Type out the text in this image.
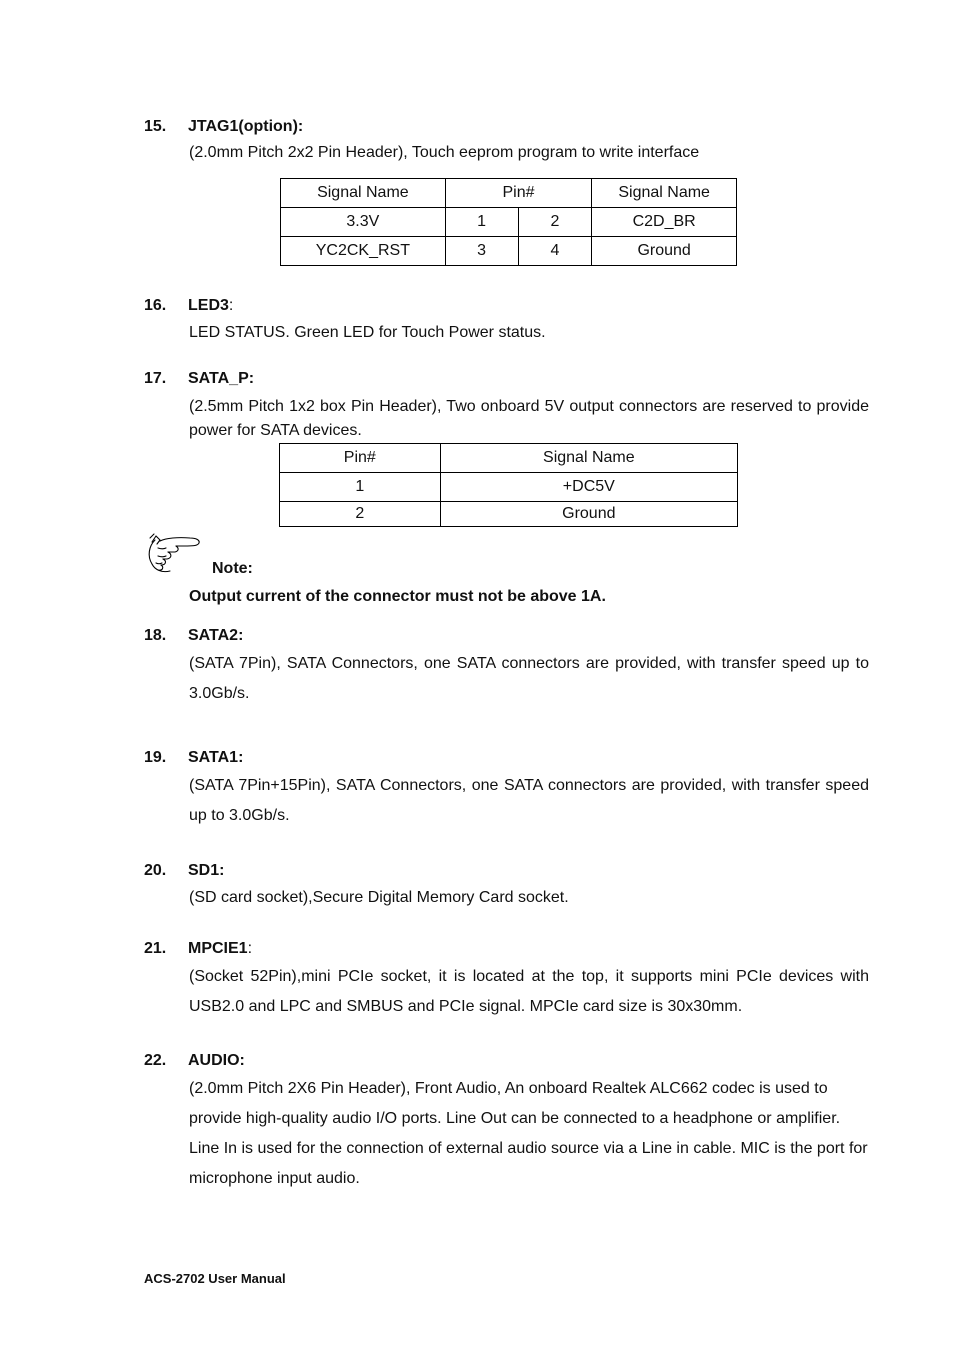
15. JTAG1(option):
(2.0mm Pitch 2x2 Pin Header), Touch eeprom program to write interface
Signal Name	Pin#		Signal Name
3.3V	1	2	C2D_BR
YC2CK_RST	3	4	Ground
16. LED3:
LED STATUS. Green LED for Touch Power status.
17. SATA_P:
(2.5mm Pitch 1x2 box Pin Header), Two onboard 5V output connectors are reserved to provide power for SATA devices.
Pin#	Signal Name
1	+DC5V
2	Ground
Note:
Output current of the connector must not be above 1A.
18. SATA2:
(SATA 7Pin), SATA Connectors, one SATA connectors are provided, with transfer speed up to 3.0Gb/s.
19. SATA1:
(SATA 7Pin+15Pin), SATA Connectors, one SATA connectors are provided, with transfer speed up to 3.0Gb/s.
20. SD1:
(SD card socket),Secure Digital Memory Card socket.
21. MPCIE1:
(Socket 52Pin),mini PCIe socket, it is located at the top, it supports mini PCIe devices with USB2.0 and LPC and SMBUS and PCIe signal. MPCIe card size is 30x30mm.
22. AUDIO:
(2.0mm Pitch 2X6 Pin Header), Front Audio, An onboard Realtek ALC662 codec is used to provide high-quality audio I/O ports. Line Out can be connected to a headphone or amplifier. Line In is used for the connection of external audio source via a Line in cable. MIC is the port for microphone input audio.
ACS-2702 User Manual
